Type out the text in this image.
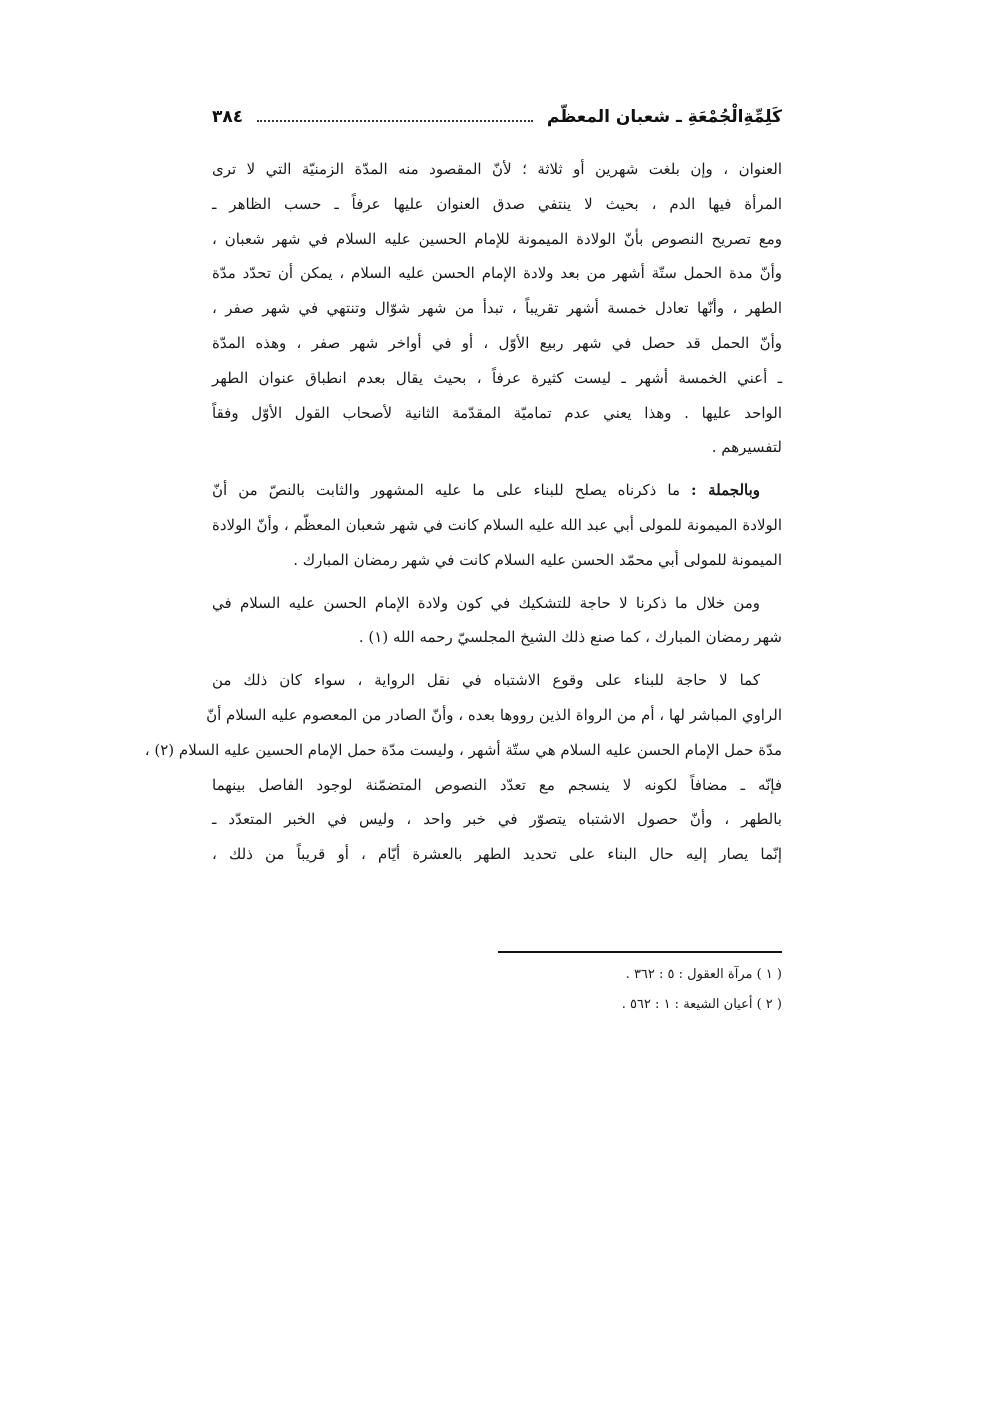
كَلِمِّةِالْجُمْعَةِ ـ شعبان المعظّم
٣٨٤
العنوان ، وإن بلغت شهرين أو ثلاثة ؛ لأنّ المقصود منه المدّة الزمنيّة التي لا ترى
المرأة فيها الدم ، بحيث لا ينتفي صدق العنوان عليها عرفاً ـ حسب الظاهر ـ
ومع تصريح النصوص بأنّ الولادة الميمونة للإمام الحسين عليه السلام في شهر شعبان ،
وأنّ مدة الحمل ستّة أشهر من بعد ولادة الإمام الحسن عليه السلام ، يمكن أن تحدّد مدّة
الطهر ، وأنّها تعادل خمسة أشهر تقريباً ، تبدأ من شهر شوّال وتنتهي في شهر صفر ،
وأنّ الحمل قد حصل في شهر ربيع الأوّل ، أو في أواخر شهر صفر ، وهذه المدّة
ـ أعني الخمسة أشهر ـ ليست كثيرة عرفاً ، بحيث يقال بعدم انطباق عنوان الطهر
الواحد عليها . وهذا يعني عدم تماميّة المقدّمة الثانية لأصحاب القول الأوّل وفقاً
لتفسيرهم .
وبالجملة : ما ذكرناه يصلح للبناء على ما عليه المشهور والثابت بالنصّ من أنّ
الولادة الميمونة للمولى أبي عبد الله عليه السلام كانت في شهر شعبان المعظّم ، وأنّ الولادة
الميمونة للمولى أبي محمّد الحسن عليه السلام كانت في شهر رمضان المبارك .
ومن خلال ما ذكرنا لا حاجة للتشكيك في كون ولادة الإمام الحسن عليه السلام في
شهر رمضان المبارك ، كما صنع ذلك الشيخ المجلسيّ رحمه الله (١) .
كما لا حاجة للبناء على وقوع الاشتباه في نقل الرواية ، سواء كان ذلك من
الراوي المباشر لها ، أم من الرواة الذين رووها بعده ، وأنّ الصادر من المعصوم عليه السلام أنّ
مدّة حمل الإمام الحسن عليه السلام هي ستّة أشهر ، وليست مدّة حمل الإمام الحسين عليه السلام (٢) ،
فإنّه ـ مضافاً لكونه لا ينسجم مع تعدّد النصوص المتضمّنة لوجود الفاصل بينهما
بالطهر ، وأنّ حصول الاشتباه يتصوّر في خبر واحد ، وليس في الخبر المتعدّد ـ
إنّما يصار إليه حال البناء على تحديد الطهر بالعشرة أيّام ، أو قريباً من ذلك ،
( ١ ) مرآة العقول : ٥ : ٣٦٢ .
( ٢ ) أعيان الشيعة : ١ : ٥٦٢ .
